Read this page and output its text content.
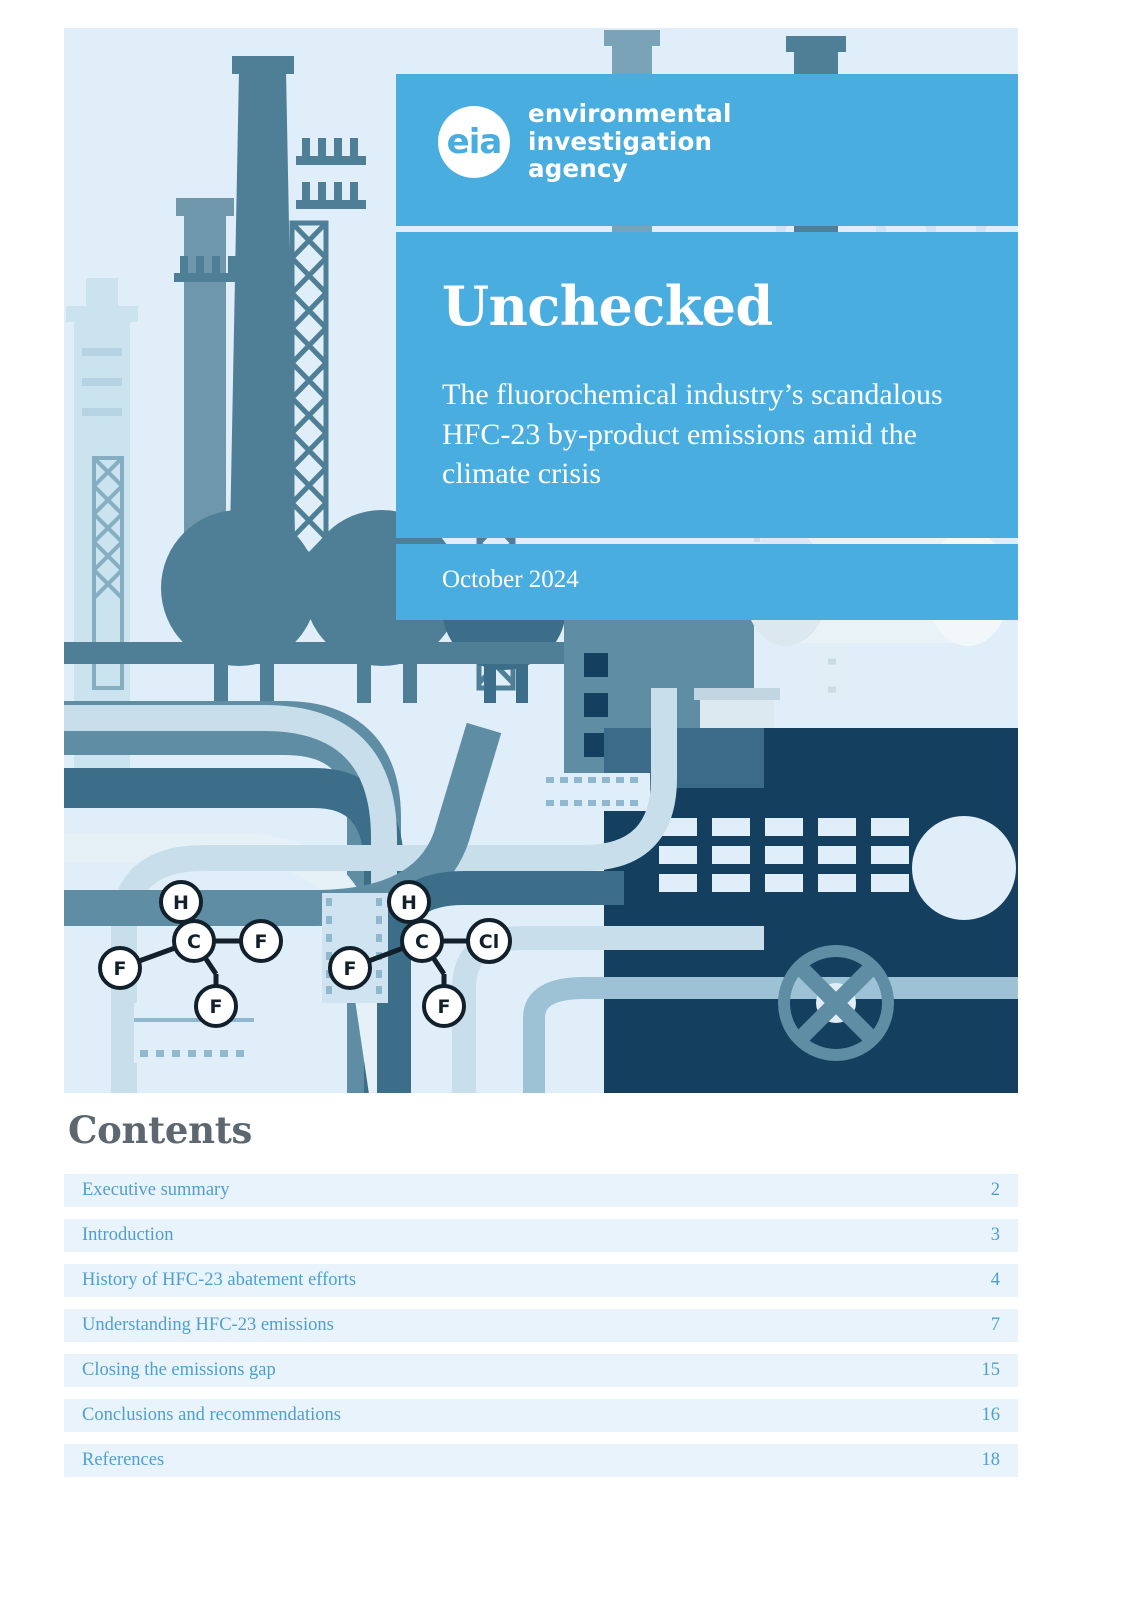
H
C	F
F
F
H
C	Cl
F
F
eia
environmental
investigation
agency
Unchecked

The fluorochemical industry’s scandalous HFC-23 by-product emissions amid the climate crisis

October 2024

Contents
Executive summary	2
Introduction	3
History of HFC-23 abatement efforts	4
Understanding HFC-23 emissions	7
Closing the emissions gap	15
Conclusions and recommendations	16
References	18
